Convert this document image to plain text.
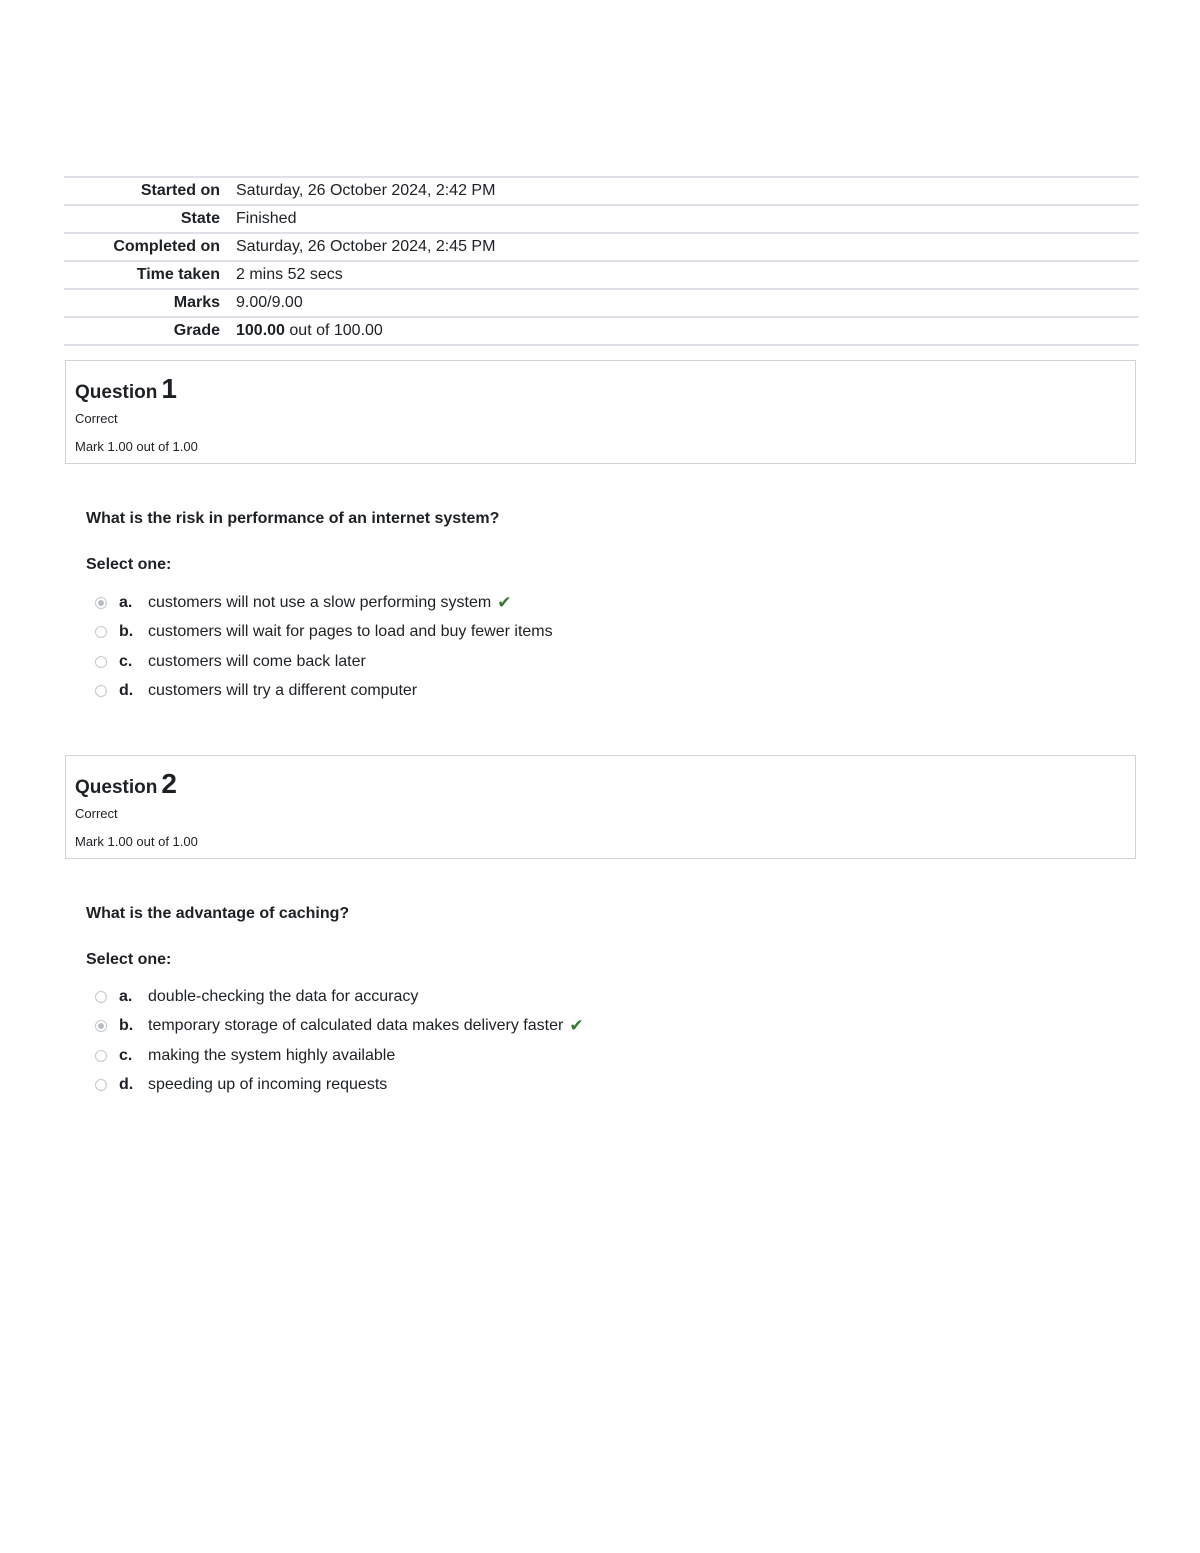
Started on	Saturday, 26 October 2024, 2:42 PM
State	Finished
Completed on	Saturday, 26 October 2024, 2:45 PM
Time taken	2 mins 52 secs
Marks	9.00/9.00
Grade	100.00 out of 100.00
Question 1
Correct
Mark 1.00 out of 1.00
What is the risk in performance of an internet system?
Select one:
a. customers will not use a slow performing system ✔
b. customers will wait for pages to load and buy fewer items
c. customers will come back later
d. customers will try a different computer
Question 2
Correct
Mark 1.00 out of 1.00
What is the advantage of caching?
Select one:
a. double-checking the data for accuracy
b. temporary storage of calculated data makes delivery faster ✔
c. making the system highly available
d. speeding up of incoming requests
